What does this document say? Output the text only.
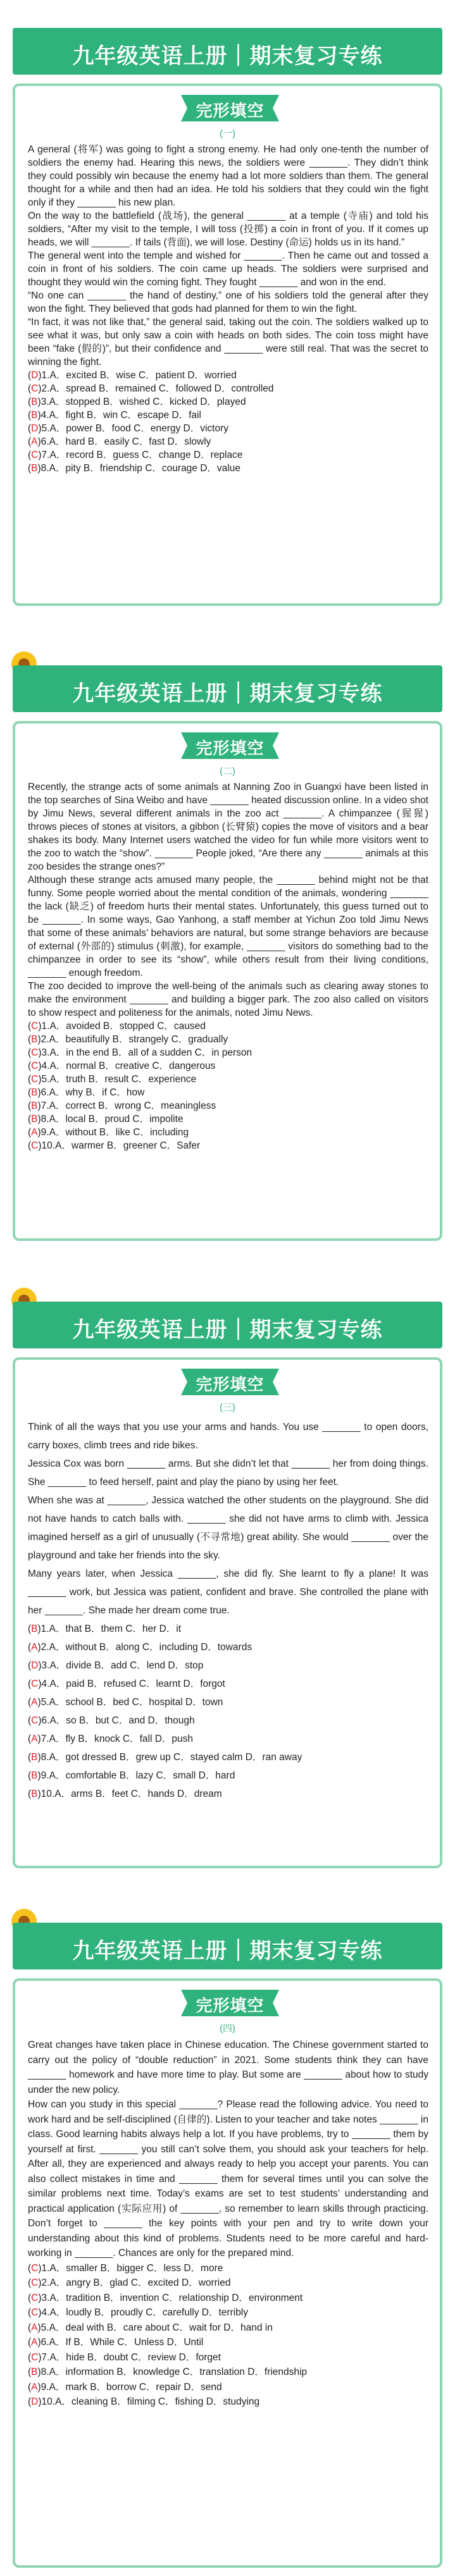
九年级英语上册｜期末复习专练
完形填空
(一)

A general (将军) was going to fight a strong enemy. He had only one-tenth the number of soldiers the enemy had. Hearing this news, the soldiers were _______. They didn’t think they could possibly win because the enemy had a lot more soldiers than them. The general thought for a while and then had an idea. He told his soldiers that they could win the fight only if they _______ his new plan.

On the way to the battlefield (战场), the general _______ at a temple (寺庙) and told his soldiers, “After my visit to the temple, I will toss (投掷) a coin in front of you. If it comes up heads, we will _______. If tails (背面), we will lose. Destiny (命运) holds us in its hand.”

The general went into the temple and wished for _______. Then he came out and tossed a coin in front of his soldiers. The coin came up heads. The soldiers were surprised and thought they would win the coming fight. They fought _______ and won in the end.

“No one can _______ the hand of destiny,” one of his soldiers told the general after they won the fight. They believed that gods had planned for them to win the fight.

“In fact, it was not like that,” the general said, taking out the coin. The soldiers walked up to see what it was, but only saw a coin with heads on both sides. The coin toss might have been “fake (假的)”, but their confidence and _______ were still real. That was the secret to winning the fight.

(D)1.A．excited B．wise C．patient D．worried
(C)2.A．spread B．remained C．followed D．controlled
(B)3.A．stopped B．wished C．kicked D．played
(B)4.A．fight B．win C．escape D．fail
(D)5.A．power B．food C．energy D．victory
(A)6.A．hard B．easily C．fast D．slowly
(C)7.A．record B．guess C．change D．replace
(B)8.A．pity B．friendship C．courage D．value
九年级英语上册｜期末复习专练
完形填空
(二)

Recently, the strange acts of some animals at Nanning Zoo in Guangxi have been listed in the top searches of Sina Weibo and have _______ heated discussion online. In a video shot by Jimu News, several different animals in the zoo act _______. A chimpanzee (猩猩) throws pieces of stones at visitors, a gibbon (长臂猿) copies the move of visitors and a bear shakes its body. Many Internet users watched the video for fun while more visitors went to the zoo to watch the “show”. _______ People joked, “Are there any _______ animals at this zoo besides the strange ones?”

Although these strange acts amused many people, the _______ behind might not be that funny. Some people worried about the mental condition of the animals, wondering _______ the lack (缺乏) of freedom hurts their mental states. Unfortunately, this guess turned out to be _______. In some ways, Gao Yanhong, a staff member at Yichun Zoo told Jimu News that some of these animals’ behaviors are natural, but some strange behaviors are because of external (外部的) stimulus (刺激), for example, _______ visitors do something bad to the chimpanzee in order to see its “show”, while others result from their living conditions, _______ enough freedom.

The zoo decided to improve the well-being of the animals such as clearing away stones to make the environment _______ and building a bigger park. The zoo also called on visitors to show respect and politeness for the animals, noted Jimu News.

(C)1.A．avoided B．stopped C．caused
(B)2.A．beautifully B．strangely C．gradually
(C)3.A．in the end B．all of a sudden C．in person
(C)4.A．normal B．creative C．dangerous
(C)5.A．truth B．result C．experience
(B)6.A．why B．if C．how
(B)7.A．correct B．wrong C．meaningless
(B)8.A．local B．proud C．impolite
(A)9.A．without B．like C．including
(C)10.A．warmer B．greener C．Safer
九年级英语上册｜期末复习专练
完形填空
(三)

Think of all the ways that you use your arms and hands. You use _______ to open doors, carry boxes, climb trees and ride bikes.

Jessica Cox was born _______ arms. But she didn’t let that _______ her from doing things. She _______ to feed herself, paint and play the piano by using her feet.

When she was at _______, Jessica watched the other students on the playground. She did not have hands to catch balls with. _______ she did not have arms to climb with. Jessica imagined herself as a girl of unusually (不寻常地) great ability. She would _______ over the playground and take her friends into the sky.

Many years later, when Jessica _______, she did fly. She learnt to fly a plane! It was _______ work, but Jessica was patient, confident and brave. She controlled the plane with her _______. She made her dream come true.

(B)1.A．that B．them C．her D．it
(A)2.A．without B．along C．including D．towards
(D)3.A．divide B．add C．lend D．stop
(C)4.A．paid B．refused C．learnt D．forgot
(A)5.A．school B．bed C．hospital D．town
(C)6.A．so B．but C．and D．though
(A)7.A．fly B．knock C．fall D．push
(B)8.A．got dressed B．grew up C．stayed calm D．ran away
(B)9.A．comfortable B．lazy C．small D．hard
(B)10.A．arms B．feet C．hands D．dream
九年级英语上册｜期末复习专练
完形填空
(四)

Great changes have taken place in Chinese education. The Chinese government started to carry out the policy of “double reduction” in 2021. Some students think they can have _______ homework and have more time to play. But some are _______ about how to study under the new policy.

How can you study in this special _______? Please read the following advice. You need to work hard and be self-disciplined (自律的). Listen to your teacher and take notes _______ in class. Good learning habits always help a lot. If you have problems, try to _______ them by yourself at first. _______ you still can’t solve them, you should ask your teachers for help. After all, they are experienced and always ready to help you accept your parents. You can also collect mistakes in time and _______ them for several times until you can solve the similar problems next time. Today’s exams are set to test students’ understanding and practical application (实际应用) of _______, so remember to learn skills through practicing. Don’t forget to _______ the key points with your pen and try to write down your understanding about this kind of problems. Students need to be more careful and hard-working in _______. Chances are only for the prepared mind.

(C)1.A．smaller B．bigger C．less D．more
(C)2.A．angry B．glad C．excited D．worried
(C)3.A．tradition B．invention C．relationship D．environment
(C)4.A．loudly B．proudly C．carefully D．terribly
(A)5.A．deal with B．care about C．wait for D．hand in
(A)6.A．If B．While C．Unless D．Until
(C)7.A．hide B．doubt C．review D．forget
(B)8.A．information B．knowledge C．translation D．friendship
(A)9.A．mark B．borrow C．repair D．send
(D)10.A．cleaning B．filming C．fishing D．studying
